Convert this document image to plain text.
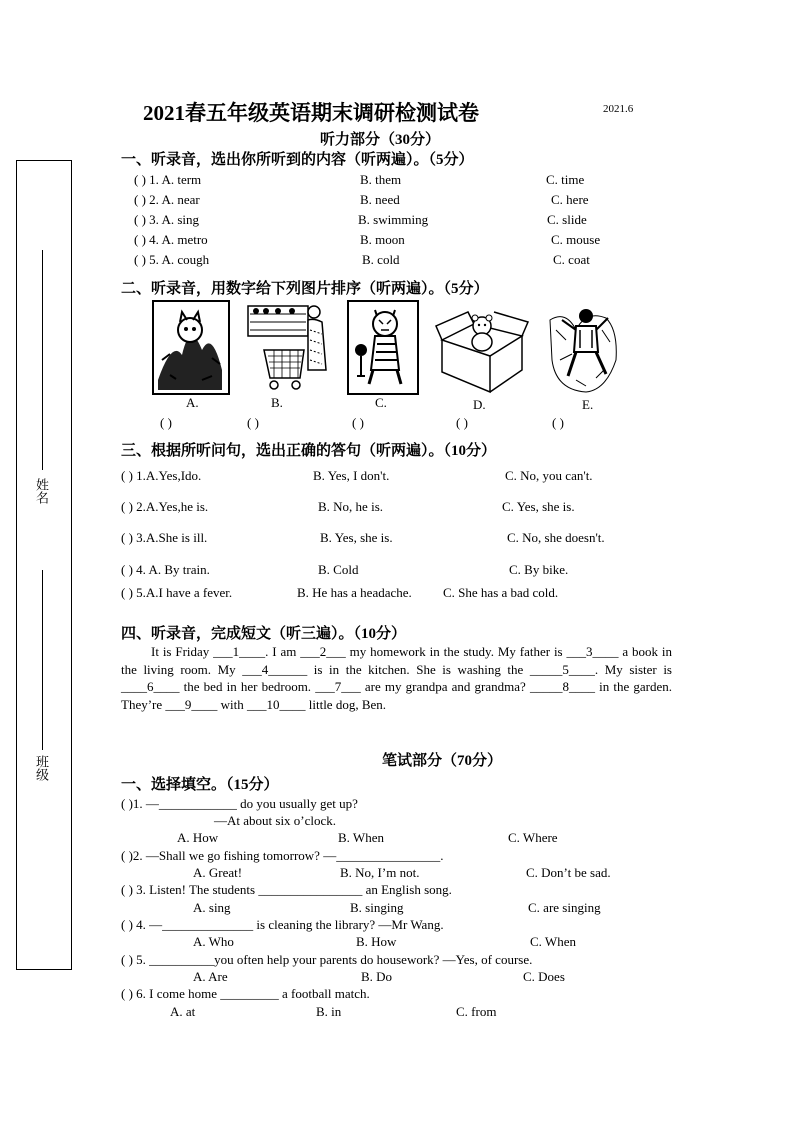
2021春五年级英语期末调研检测试卷	2021.6
听力部分（30分）
姓名
班级
一、听录音，选出你所听到的内容（听两遍）。（5分）
( ) 1. A. term	B. them	C. time
( ) 2. A. near	B. need	C. here
( ) 3. A. sing	B. swimming	C. slide
( ) 4. A. metro	B. moon	C. mouse
( ) 5. A. cough	B. cold	C. coat
二、听录音，用数字给下列图片排序（听两遍）。（5分）
A.	B.	C.	D.	E.
( )	( )	( )	( )	( )
三、根据所听问句，选出正确的答句（听两遍）。（10分）
( ) 1.A.Yes,Ido.	B. Yes, I don't.	C. No, you can't.
( ) 2.A.Yes,he is.	B. No, he is.	C. Yes, she is.
( ) 3.A.She is ill.	B. Yes, she is.	C. No, she doesn't.
( ) 4. A. By train.	B. Cold	C. By bike.
( ) 5.A.I have a fever.	B. He has a headache. C. She has a bad cold.
四、听录音，完成短文（听三遍）。（10分）
It is Friday ___1____. I am ___2___ my homework in the study. My father is ___3____ a book in the living room. My ___4______ is in the kitchen. She is washing the _____5____. My sister is ____6____ the bed in her bedroom. ___7___ are my grandpa and grandma? _____8____ in the garden. They’re ___9____ with ___10____ little dog, Ben.
笔试部分（70分）
一、选择填空。（15分）
( )1. —____________ do you usually get up?
—At about six o’clock.
A. How	B. When	C. Where
( )2. —Shall we go fishing tomorrow? —________________.
A. Great!	B. No, I’m not.	C. Don’t be sad.
( ) 3. Listen! The students ________________ an English song.
A. sing	B. singing	C. are singing
( ) 4. —______________ is cleaning the library? —Mr Wang.
A. Who	B. How	C. When
( ) 5. __________you often help your parents do housework? —Yes, of course.
A. Are	B. Do	C. Does
( ) 6. I come home _________ a football match.
A. at	B. in	C. from
